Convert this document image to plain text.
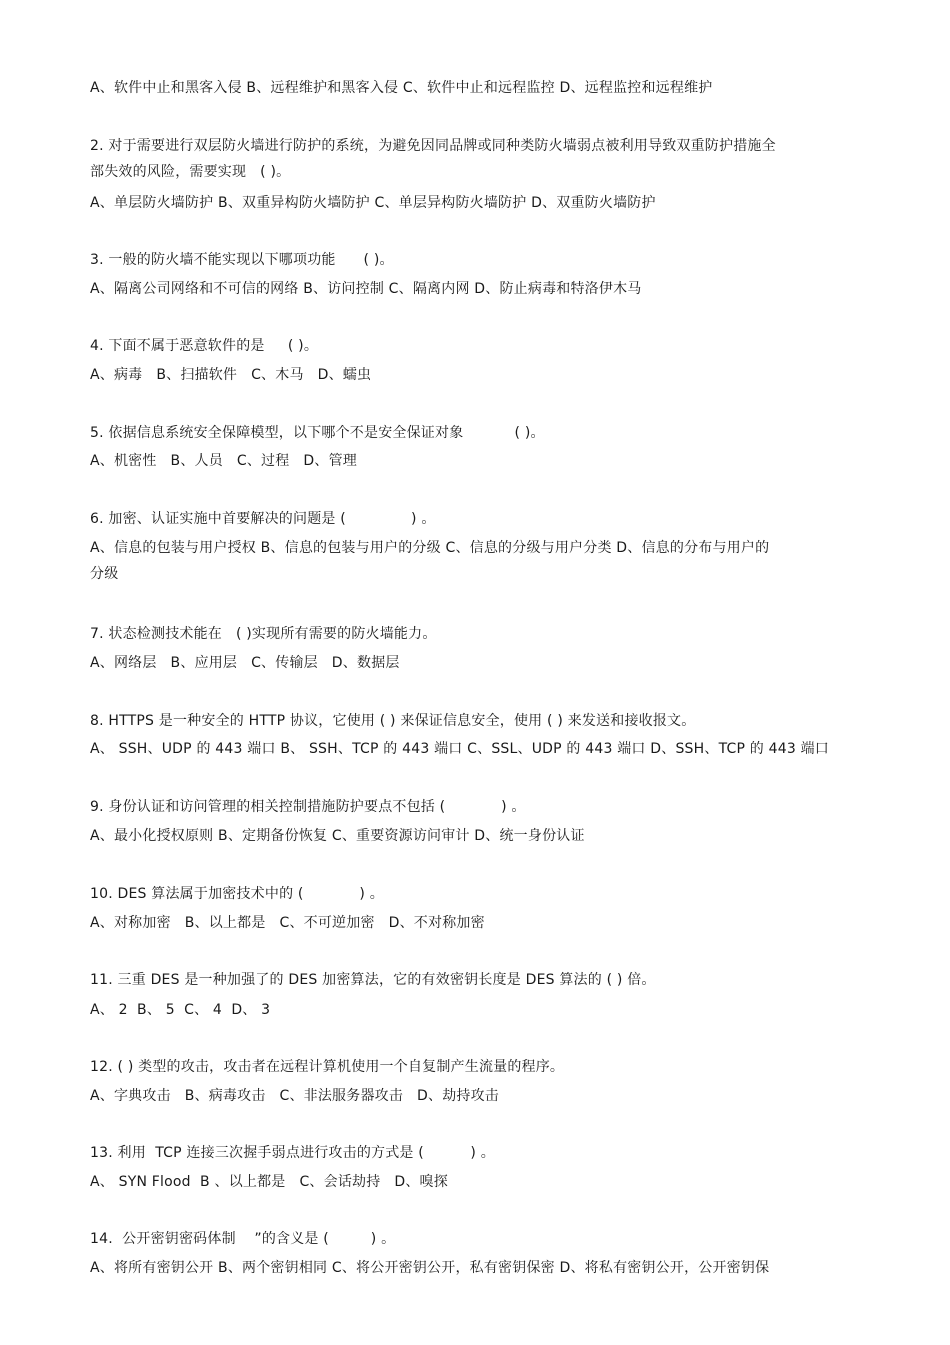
A、软件中止和黑客入侵 B、远程维护和黑客入侵 C、软件中止和远程监控 D、远程监控和远程维护
2. 对于需要进行双层防火墙进行防护的系统，为避免因同品牌或同种类防火墙弱点被利用导致双重防护措施全
部失效的风险，需要实现   ( )。
A、单层防火墙防护 B、双重异构防火墙防护 C、单层异构防火墙防护 D、双重防火墙防护
3. 一般的防火墙不能实现以下哪项功能      ( )。
A、隔离公司网络和不可信的网络 B、访问控制 C、隔离内网 D、防止病毒和特洛伊木马
4. 下面不属于恶意软件的是     ( )。
A、病毒   B、扫描软件   C、木马   D、蠕虫
5. 依据信息系统安全保障模型，以下哪个不是安全保证对象           ( )。
A、机密性   B、人员   C、过程   D、管理
6. 加密、认证实施中首要解决的问题是 (              ) 。
A、信息的包装与用户授权 B、信息的包装与用户的分级 C、信息的分级与用户分类 D、信息的分布与用户的
分级
7. 状态检测技术能在   ( )实现所有需要的防火墙能力。
A、网络层   B、应用层   C、传输层   D、数据层
8. HTTPS 是一种安全的 HTTP 协议，它使用 ( ) 来保证信息安全，使用 ( ) 来发送和接收报文。
A、 SSH、UDP 的 443 端口 B、 SSH、TCP 的 443 端口 C、SSL、UDP 的 443 端口 D、SSH、TCP 的 443 端口
9. 身份认证和访问管理的相关控制措施防护要点不包括 (            ) 。
A、最小化授权原则 B、定期备份恢复 C、重要资源访问审计 D、统一身份认证
10. DES 算法属于加密技术中的 (            ) 。
A、对称加密   B、以上都是   C、不可逆加密   D、不对称加密
11. 三重 DES 是一种加强了的 DES 加密算法，它的有效密钥长度是 DES 算法的 ( ) 倍。
A、 2  B、 5  C、 4  D、 3
12. ( ) 类型的攻击，攻击者在远程计算机使用一个自复制产生流量的程序。
A、字典攻击   B、病毒攻击   C、非法服务器攻击   D、劫持攻击
13. 利用  TCP 连接三次握手弱点进行攻击的方式是 (          ) 。
A、 SYN Flood  B 、以上都是   C、会话劫持   D、嗅探
14.  公开密钥密码体制    ”的含义是 (         ) 。
A、将所有密钥公开 B、两个密钥相同 C、将公开密钥公开，私有密钥保密 D、将私有密钥公开，公开密钥保
